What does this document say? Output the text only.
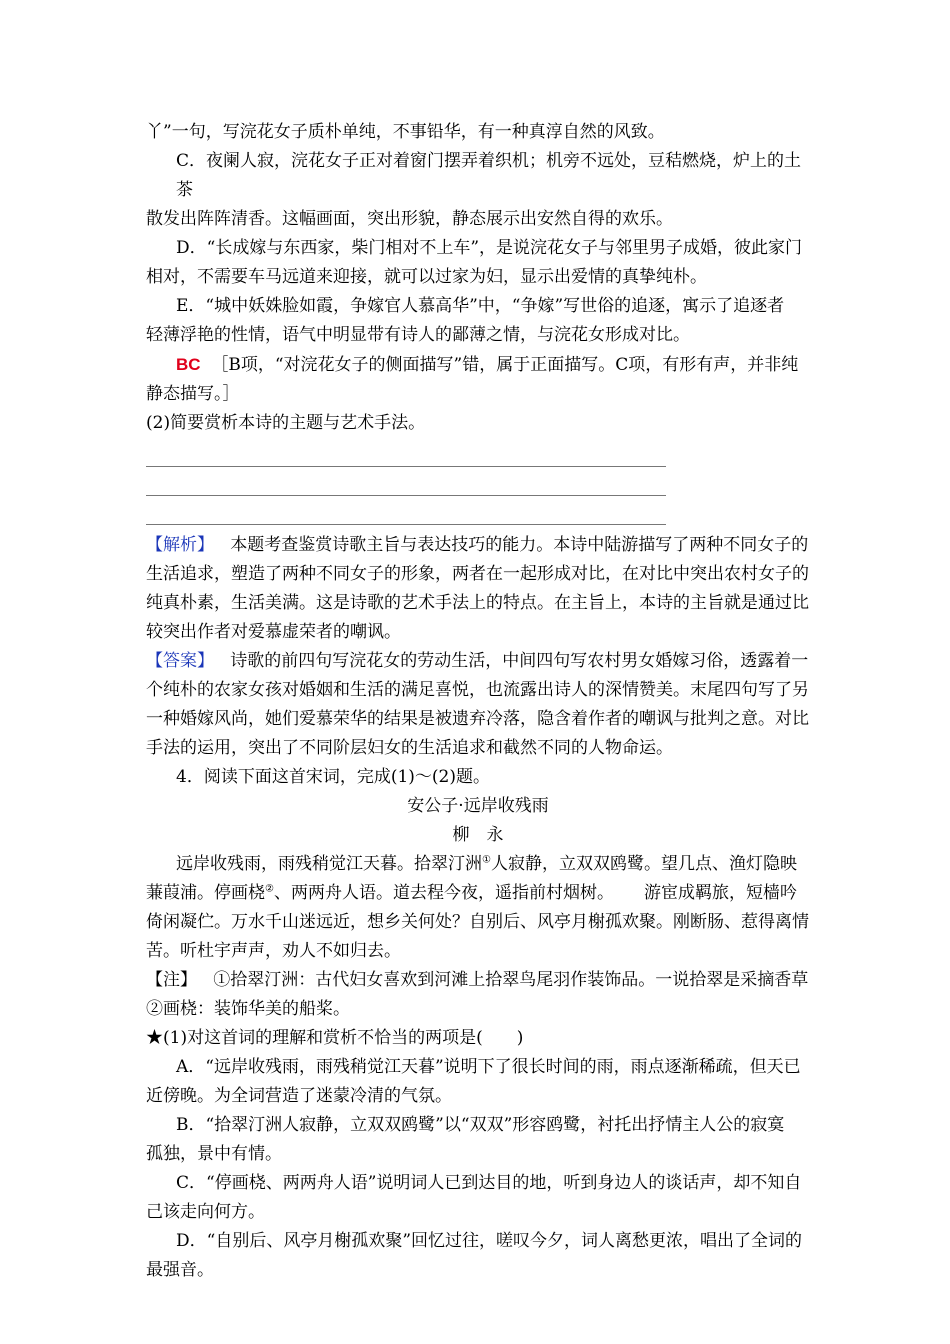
丫”一句，写浣花女子质朴单纯，不事铅华，有一种真淳自然的风致。

C．夜阑人寂，浣花女子正对着窗门摆弄着织机；机旁不远处，豆秸燃烧，炉上的土茶

散发出阵阵清香。这幅画面，突出形貌，静态展示出安然自得的欢乐。

D．“长成嫁与东西家，柴门相对不上车”，是说浣花女子与邻里男子成婚，彼此家门

相对，不需要车马远道来迎接，就可以过家为妇，显示出爱情的真挚纯朴。

E．“城中妖姝脸如霞，争嫁官人慕高华”中，“争嫁”写世俗的追逐，寓示了追逐者

轻薄浮艳的性情，语气中明显带有诗人的鄙薄之情，与浣花女形成对比。

BC ［B项，“对浣花女子的侧面描写”错，属于正面描写。C项，有形有声，并非纯

静态描写。］

(2)简要赏析本诗的主题与艺术手法。

【解析】 本题考查鉴赏诗歌主旨与表达技巧的能力。本诗中陆游描写了两种不同女子的

生活追求，塑造了两种不同女子的形象，两者在一起形成对比，在对比中突出农村女子的

纯真朴素，生活美满。这是诗歌的艺术手法上的特点。在主旨上，本诗的主旨就是通过比

较突出作者对爱慕虚荣者的嘲讽。

【答案】 诗歌的前四句写浣花女的劳动生活，中间四句写农村男女婚嫁习俗，透露着一

个纯朴的农家女孩对婚姻和生活的满足喜悦，也流露出诗人的深情赞美。末尾四句写了另

一种婚嫁风尚，她们爱慕荣华的结果是被遗弃冷落，隐含着作者的嘲讽与批判之意。对比

手法的运用，突出了不同阶层妇女的生活追求和截然不同的人物命运。

4．阅读下面这首宋词，完成(1)～(2)题。

安公子·远岸收残雨

柳　永

远岸收残雨，雨残稍觉江天暮。拾翠汀洲①人寂静，立双双鸥鹭。望几点、渔灯隐映

蒹葭浦。停画桡②、两两舟人语。道去程今夜，遥指前村烟树。 游宦成羁旅，短樯吟

倚闲凝伫。万水千山迷远近，想乡关何处？自别后、风亭月榭孤欢聚。刚断肠、惹得离情

苦。听杜宇声声，劝人不如归去。

【注】 ①拾翠汀洲：古代妇女喜欢到河滩上拾翠鸟尾羽作装饰品。一说拾翠是采摘香草

②画桡：装饰华美的船桨。

★(1)对这首词的理解和赏析不恰当的两项是(　　)

A．“远岸收残雨，雨残稍觉江天暮”说明下了很长时间的雨，雨点逐渐稀疏，但天已

近傍晚。为全词营造了迷蒙冷清的气氛。

B．“拾翠汀洲人寂静，立双双鸥鹭”以“双双”形容鸥鹭，衬托出抒情主人公的寂寞

孤独，景中有情。

C．“停画桡、两两舟人语”说明词人已到达目的地，听到身边人的谈话声，却不知自

己该走向何方。

D．“自别后、风亭月榭孤欢聚”回忆过往，嗟叹今夕，词人离愁更浓，唱出了全词的

最强音。
